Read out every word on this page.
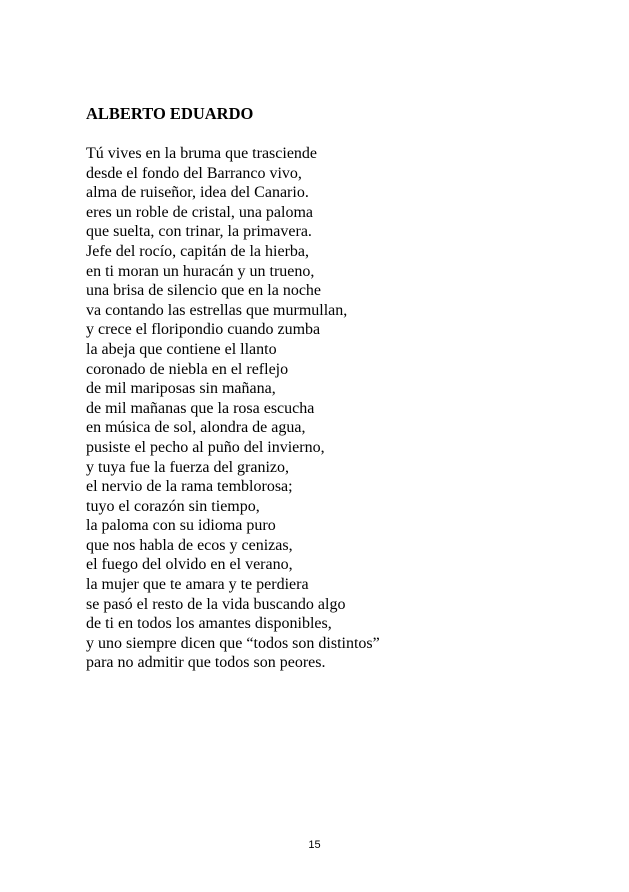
ALBERTO EDUARDO
Tú vives en la bruma que trasciende
desde el fondo del Barranco vivo,
alma de ruiseñor, idea del Canario.
eres un roble de cristal, una paloma
que suelta, con trinar, la primavera.
Jefe del rocío, capitán de la hierba,
en ti moran un huracán y un trueno,
una brisa de silencio que en la noche
va contando las estrellas que murmullan,
y crece el floripondio cuando zumba
la abeja que contiene el llanto
coronado de niebla en el reflejo
de mil mariposas sin mañana,
de mil mañanas que la rosa escucha
en música de sol, alondra de agua,
pusiste el pecho al puño del invierno,
y tuya fue la fuerza del granizo,
el nervio de la rama temblorosa;
tuyo el corazón sin tiempo,
la paloma con su idioma puro
que nos habla de ecos y cenizas,
el fuego del olvido en el verano,
la mujer que te amara y te perdiera
se pasó el resto de la vida buscando algo
de ti en todos los amantes disponibles,
y uno siempre dicen que “todos son distintos”
para no admitir que todos son peores.
15
